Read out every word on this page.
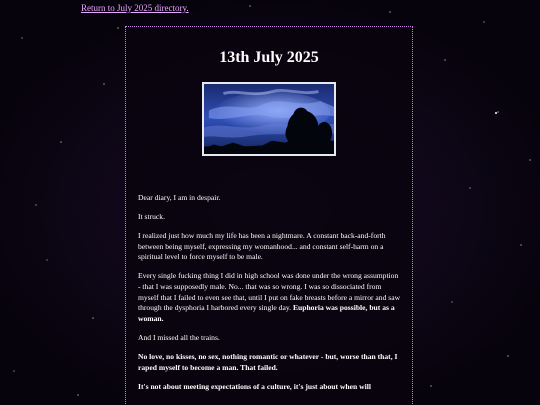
Return to July 2025 directory.
13th July 2025

Dear diary, I am in despair.

It struck.

I realized just how much my life has been a nightmare. A constant back-and-forth between being myself, expressing my womanhood... and constant self-harm on a spiritual level to force myself to be male.

Every single fucking thing I did in high school was done under the wrong assumption - that I was supposedly male. No... that was so wrong. I was so dissociated from myself that I failed to even see that, until I put on fake breasts before a mirror and saw through the dysphoria I harbored every single day. Euphoria was possible, but as a woman.

And I missed all the trains.

No love, no kisses, no sex, nothing romantic or whatever - but, worse than that, I raped myself to become a man. That failed.

It's not about meeting expectations of a culture, it's just about when will
